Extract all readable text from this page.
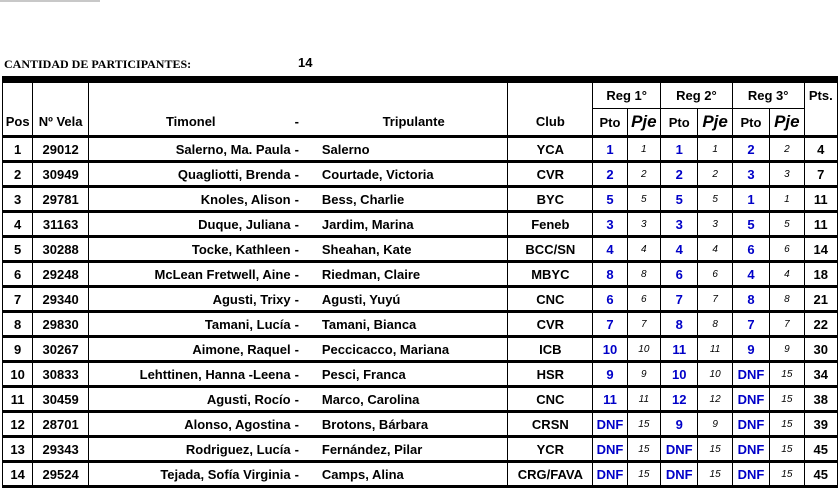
CANTIDAD DE PARTICIPANTES:	14
						Reg 1°		Reg 2°		Reg 3°		Pts.
Pos	Nº Vela	Timonel	-	Tripulante	Club	Pto	Pje	Pto	Pje	Pto	Pje	
1	29012	Salerno, Ma. Paula	-	Salerno	YCA	1	1	1	1	2	2	4
2	30949	Quagliotti, Brenda	-	Courtade, Victoria	CVR	2	2	2	2	3	3	7
3	29781	Knoles, Alison	-	Bess, Charlie	BYC	5	5	5	5	1	1	11
4	31163	Duque, Juliana	-	Jardim, Marina	Feneb	3	3	3	3	5	5	11
5	30288	Tocke, Kathleen	-	Sheahan, Kate	BCC/SN	4	4	4	4	6	6	14
6	29248	McLean Fretwell, Aine	-	Riedman, Claire	MBYC	8	8	6	6	4	4	18
7	29340	Agusti, Trixy	-	Agusti, Yuyú	CNC	6	6	7	7	8	8	21
8	29830	Tamani, Lucía	-	Tamani, Bianca	CVR	7	7	8	8	7	7	22
9	30267	Aimone, Raquel	-	Peccicacco, Mariana	ICB	10	10	11	11	9	9	30
10	30833	Lehttinen, Hanna -Leena	-	Pesci, Franca	HSR	9	9	10	10	DNF	15	34
11	30459	Agusti, Rocío	-	Marco, Carolina	CNC	11	11	12	12	DNF	15	38
12	28701	Alonso, Agostina	-	Brotons, Bárbara	CRSN	DNF	15	9	9	DNF	15	39
13	29343	Rodriguez, Lucía	-	Fernández, Pilar	YCR	DNF	15	DNF	15	DNF	15	45
14	29524	Tejada, Sofía Virginia	-	Camps, Alina	CRG/FAVA	DNF	15	DNF	15	DNF	15	45
